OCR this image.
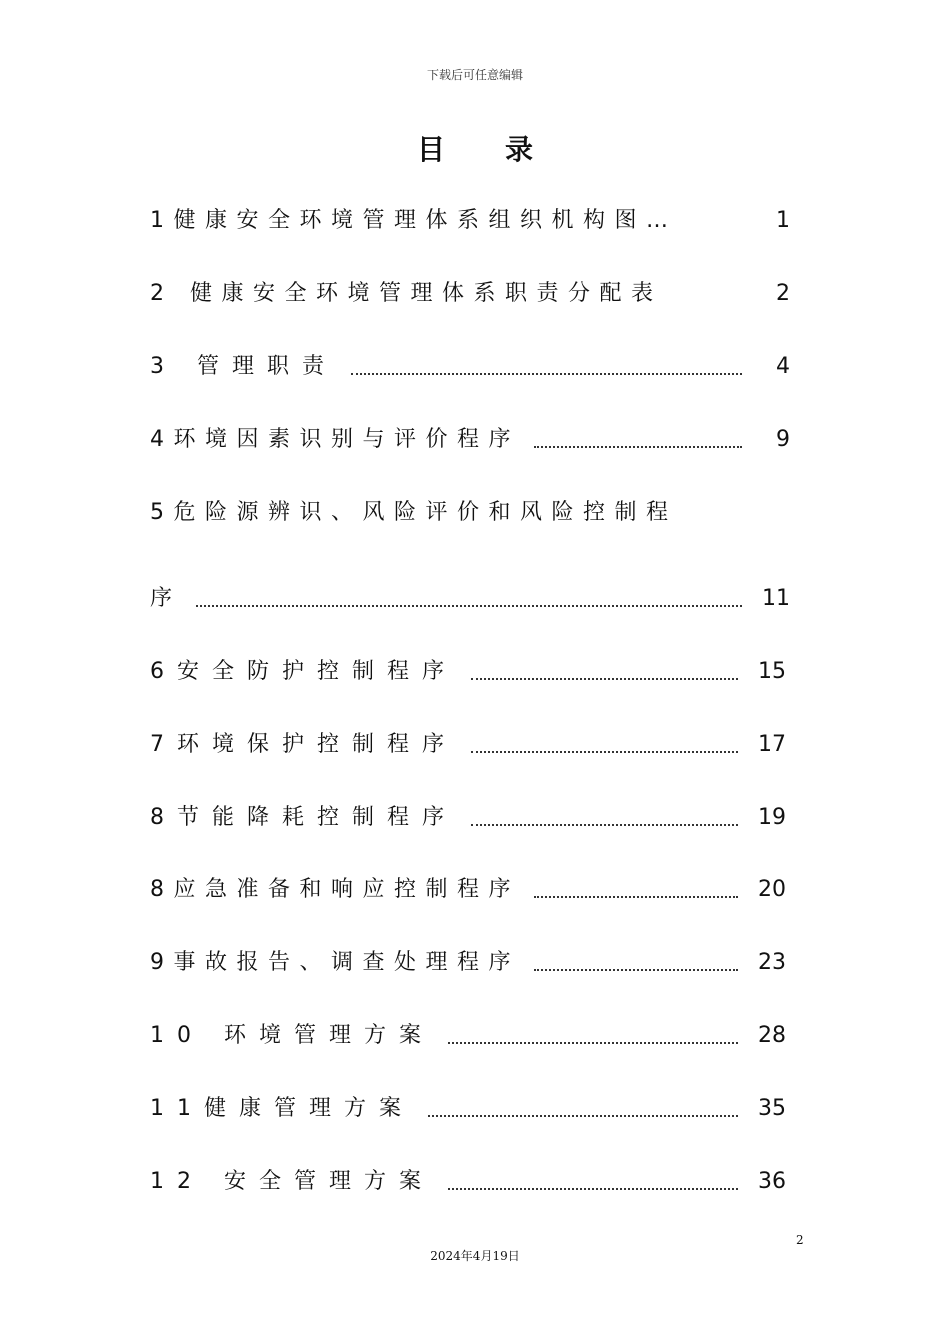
下载后可任意编辑
目录
1健康安全环境管理体系组织机构图…	1
2 健康安全环境管理体系职责分配表	2
3 管理职责	4
4环境因素识别与评价程序	9
5危险源辨识、风险评价和风险控制程
序	11
6安全防护控制程序	15
7环境保护控制程序	17
8节能降耗控制程序	19
8应急准备和响应控制程序	20
9事故报告、调查处理程序	23
10 环境管理方案	28
11健康管理方案	35
12 安全管理方案	36
2
2024年4月19日
